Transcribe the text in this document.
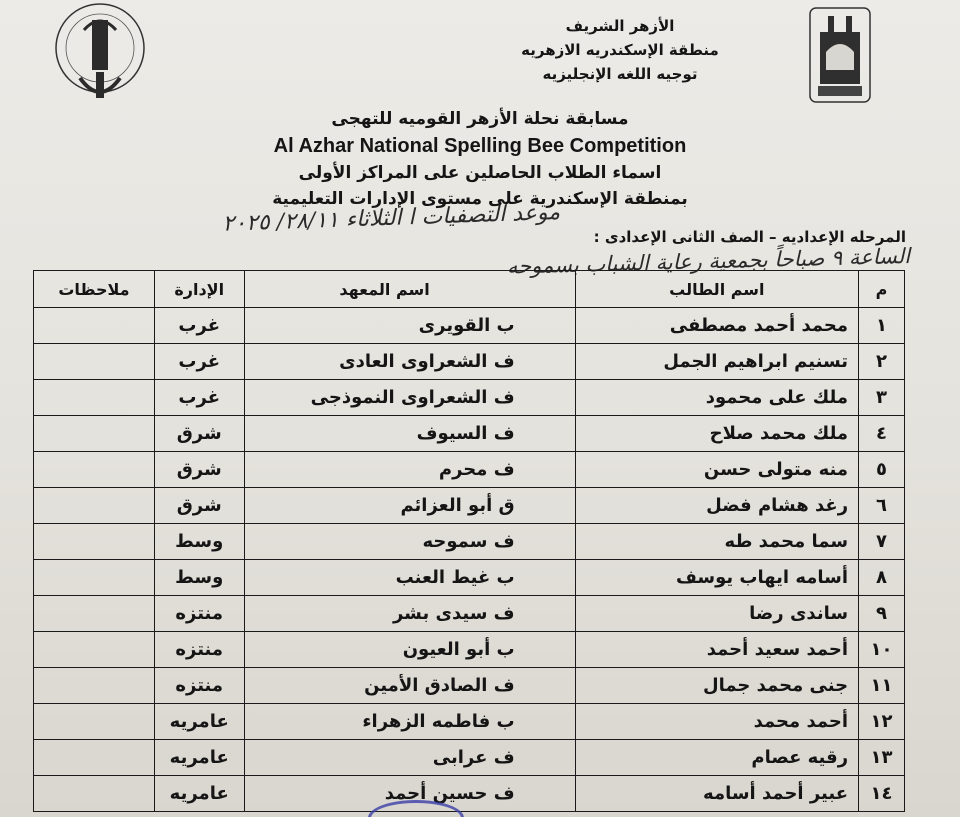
الأزهر الشريف
منطقة الإسكندريه الازهريه
توجيه اللغه الإنجليزيه
مسابقة نحلة الأزهر القوميه للتهجى
Al Azhar National Spelling Bee Competition
اسماء الطلاب الحاصلين على المراكز الأولى
بمنطقة الإسكندرية على مستوى الإدارات التعليمية
موعد التصفيات ا الثلاثاء ٢٨/١١/ ٢٠٢٥
المرحله الإعداديه – الصف الثانى الإعدادى :
الساعة ٩ صباحاً بجمعية رعاية الشباب بسموحه
م	اسم الطالب	اسم المعهد	الإدارة	ملاحظات
١	محمد أحمد مصطفى	ب القويرى	غرب	
٢	تسنيم ابراهيم الجمل	ف الشعراوى العادى	غرب	
٣	ملك على محمود	ف الشعراوى النموذجى	غرب	
٤	ملك محمد صلاح	ف السيوف	شرق	
٥	منه متولى حسن	ف محرم	شرق	
٦	رغد هشام فضل	ق أبو العزائم	شرق	
٧	سما محمد طه	ف سموحه	وسط	
٨	أسامه ايهاب يوسف	ب غيط العنب	وسط	
٩	ساندى رضا	ف سيدى بشر	منتزه	
١٠	أحمد سعيد أحمد	ب أبو العيون	منتزه	
١١	جنى محمد جمال	ف الصادق الأمين	منتزه	
١٢	أحمد محمد	ب فاطمه الزهراء	عامريه	
١٣	رقيه عصام	ف عرابى	عامريه	
١٤	عبير أحمد أسامه	ف حسين أحمد	عامريه	
